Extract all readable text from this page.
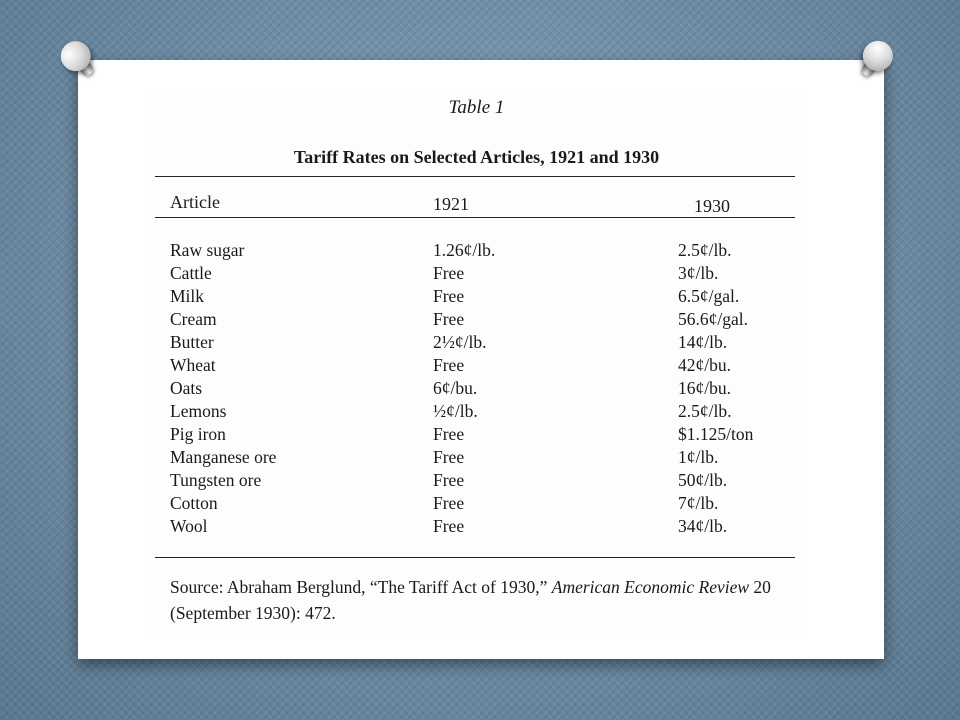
Table 1
Tariff Rates on Selected Articles, 1921 and 1930
Article	1921	1930
Raw sugar	1.26¢/lb.	2.5¢/lb.
Cattle	Free	3¢/lb.
Milk	Free	6.5¢/gal.
Cream	Free	56.6¢/gal.
Butter	2½¢/lb.	14¢/lb.
Wheat	Free	42¢/bu.
Oats	6¢/bu.	16¢/bu.
Lemons	½¢/lb.	2.5¢/lb.
Pig iron	Free	$1.125/ton
Manganese ore	Free	1¢/lb.
Tungsten ore	Free	50¢/lb.
Cotton	Free	7¢/lb.
Wool	Free	34¢/lb.
Source: Abraham Berglund, “The Tariff Act of 1930,” American Economic Review 20 (September 1930): 472.
